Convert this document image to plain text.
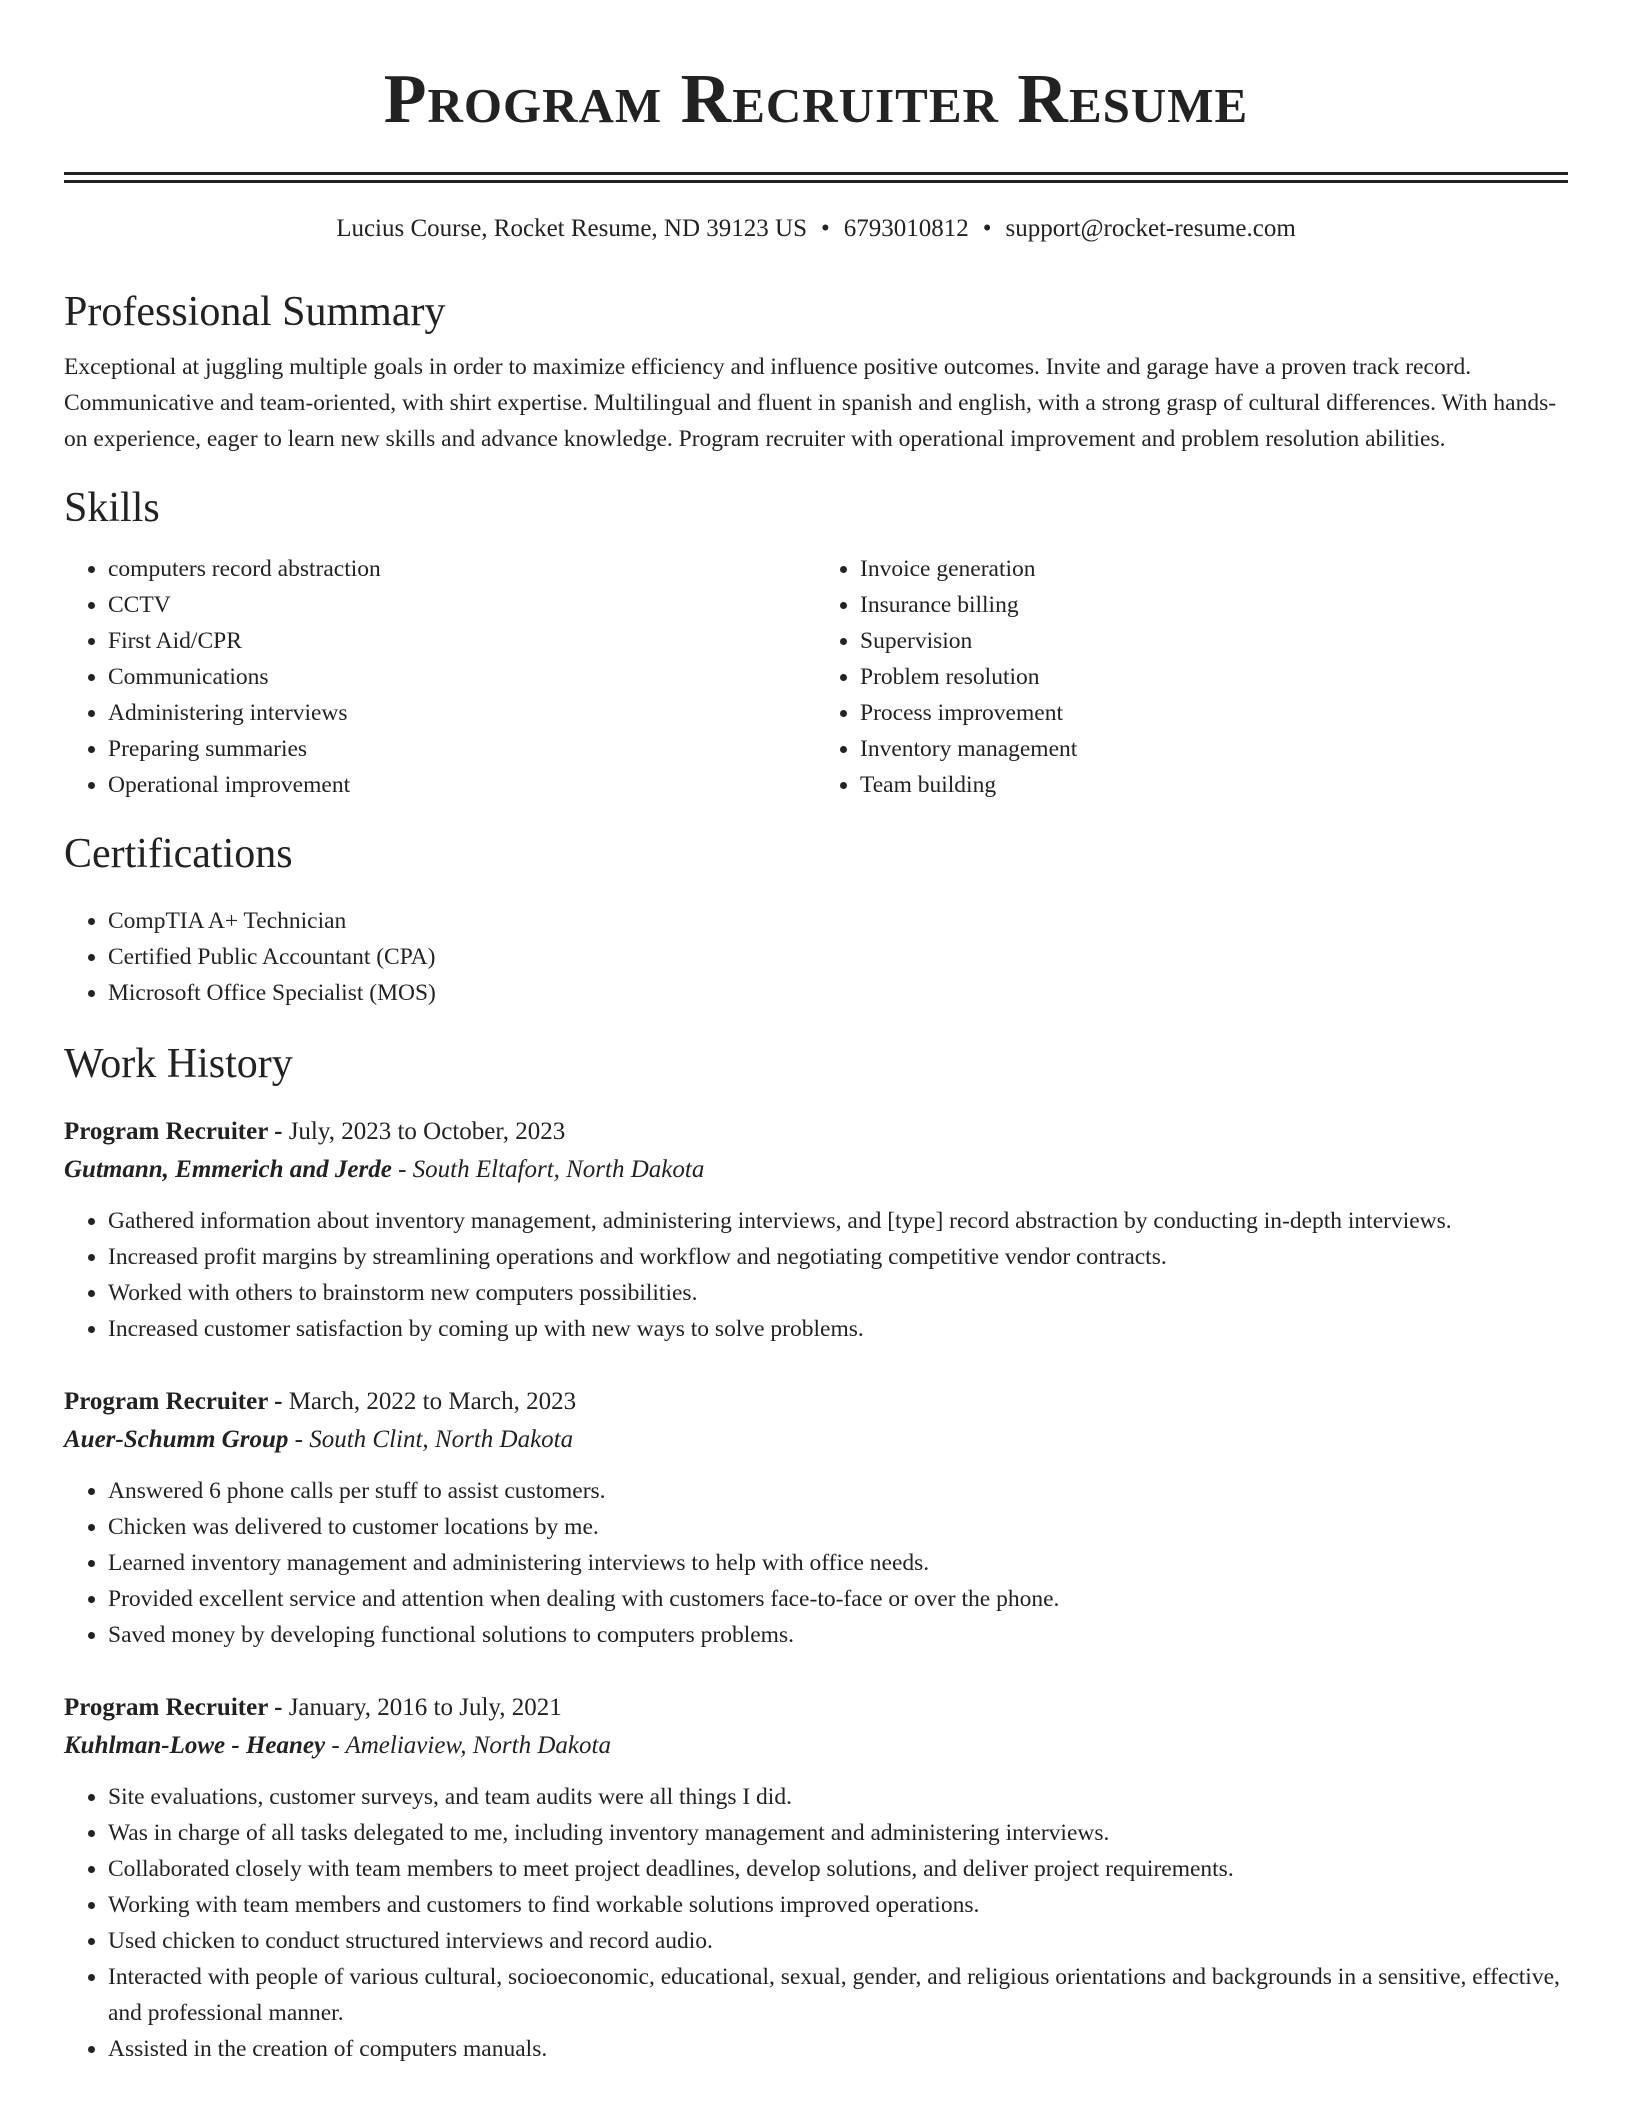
Program Recruiter Resume
Lucius Course, Rocket Resume, ND 39123 US • 6793010812 • support@rocket-resume.com
Professional Summary

Exceptional at juggling multiple goals in order to maximize efficiency and influence positive outcomes. Invite and garage have a proven track record. Communicative and team-oriented, with shirt expertise. Multilingual and fluent in spanish and english, with a strong grasp of cultural differences. With hands-on experience, eager to learn new skills and advance knowledge. Program recruiter with operational improvement and problem resolution abilities.

Skills
• computers record abstraction
• CCTV
• First Aid/CPR
• Communications
• Administering interviews
• Preparing summaries
• Operational improvement
• Invoice generation
• Insurance billing
• Supervision
• Problem resolution
• Process improvement
• Inventory management
• Team building
Certifications
• CompTIA A+ Technician
• Certified Public Accountant (CPA)
• Microsoft Office Specialist (MOS)
Work History
Program Recruiter - July, 2023 to October, 2023
Gutmann, Emmerich and Jerde - South Eltafort, North Dakota
• Gathered information about inventory management, administering interviews, and [type] record abstraction by conducting in-depth interviews.
• Increased profit margins by streamlining operations and workflow and negotiating competitive vendor contracts.
• Worked with others to brainstorm new computers possibilities.
• Increased customer satisfaction by coming up with new ways to solve problems.
Program Recruiter - March, 2022 to March, 2023
Auer-Schumm Group - South Clint, North Dakota
• Answered 6 phone calls per stuff to assist customers.
• Chicken was delivered to customer locations by me.
• Learned inventory management and administering interviews to help with office needs.
• Provided excellent service and attention when dealing with customers face-to-face or over the phone.
• Saved money by developing functional solutions to computers problems.
Program Recruiter - January, 2016 to July, 2021
Kuhlman-Lowe - Heaney - Ameliaview, North Dakota
• Site evaluations, customer surveys, and team audits were all things I did.
• Was in charge of all tasks delegated to me, including inventory management and administering interviews.
• Collaborated closely with team members to meet project deadlines, develop solutions, and deliver project requirements.
• Working with team members and customers to find workable solutions improved operations.
• Used chicken to conduct structured interviews and record audio.
• Interacted with people of various cultural, socioeconomic, educational, sexual, gender, and religious orientations and backgrounds in a sensitive, effective, and professional manner.
• Assisted in the creation of computers manuals.
